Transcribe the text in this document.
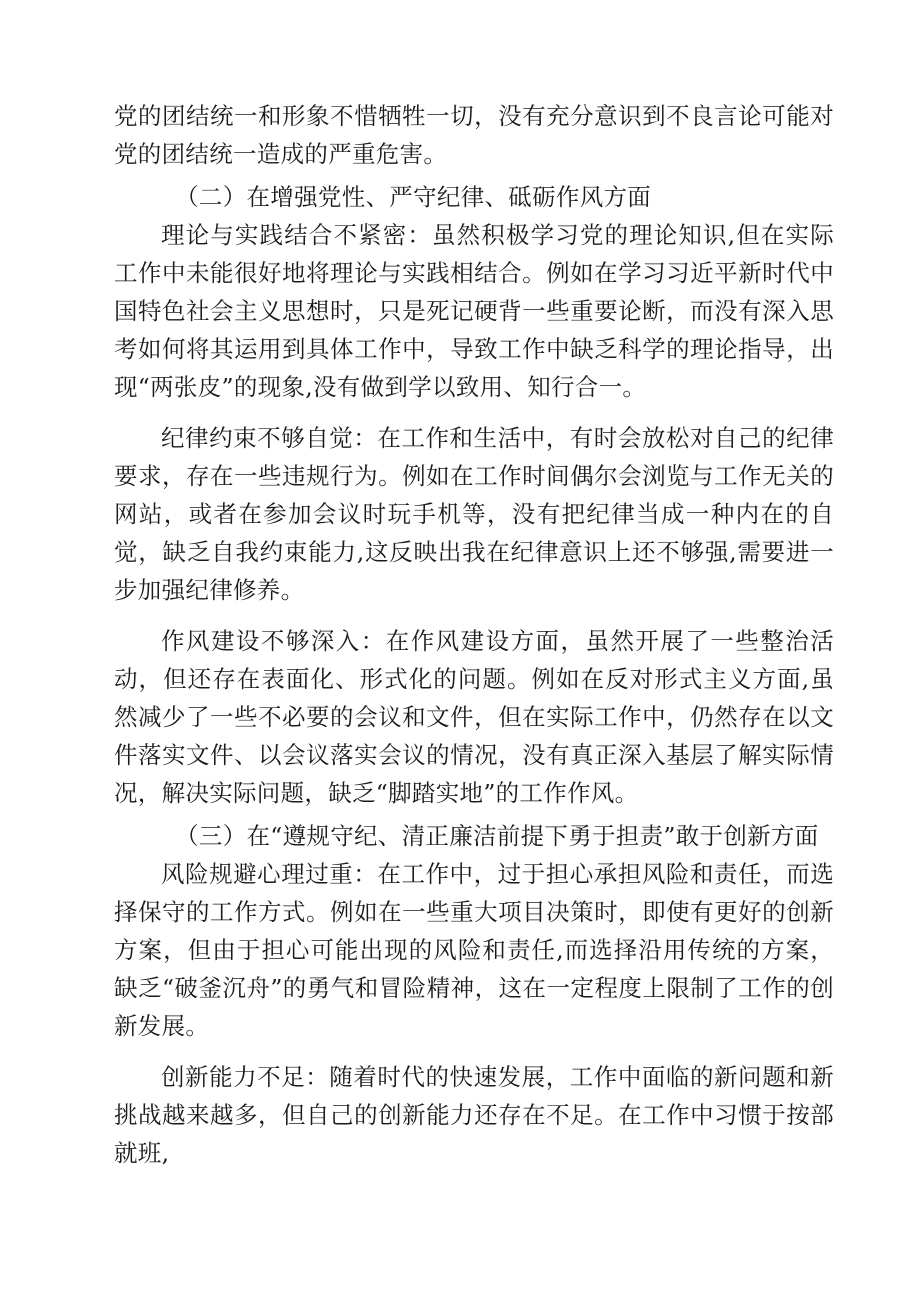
党的团结统一和形象不惜牺牲一切，没有充分意识到不良言论可能对党的团结统一造成的严重危害。

（二）在增强党性、严守纪律、砥砺作风方面

理论与实践结合不紧密：虽然积极学习党的理论知识,但在实际工作中未能很好地将理论与实践相结合。例如在学习习近平新时代中国特色社会主义思想时，只是死记硬背一些重要论断，而没有深入思考如何将其运用到具体工作中，导致工作中缺乏科学的理论指导，出现“两张皮”的现象,没有做到学以致用、知行合一。

纪律约束不够自觉：在工作和生活中，有时会放松对自己的纪律要求，存在一些违规行为。例如在工作时间偶尔会浏览与工作无关的网站，或者在参加会议时玩手机等，没有把纪律当成一种内在的自觉，缺乏自我约束能力,这反映出我在纪律意识上还不够强,需要进一步加强纪律修养。

作风建设不够深入：在作风建设方面，虽然开展了一些整治活动，但还存在表面化、形式化的问题。例如在反对形式主义方面,虽然减少了一些不必要的会议和文件，但在实际工作中，仍然存在以文件落实文件、以会议落实会议的情况，没有真正深入基层了解实际情况，解决实际问题，缺乏“脚踏实地”的工作作风。

（三）在“遵规守纪、清正廉洁前提下勇于担责”敢于创新方面

风险规避心理过重：在工作中，过于担心承担风险和责任，而选择保守的工作方式。例如在一些重大项目决策时，即使有更好的创新方案，但由于担心可能出现的风险和责任,而选择沿用传统的方案，缺乏“破釜沉舟”的勇气和冒险精神，这在一定程度上限制了工作的创新发展。

创新能力不足：随着时代的快速发展，工作中面临的新问题和新挑战越来越多，但自己的创新能力还存在不足。在工作中习惯于按部就班,
